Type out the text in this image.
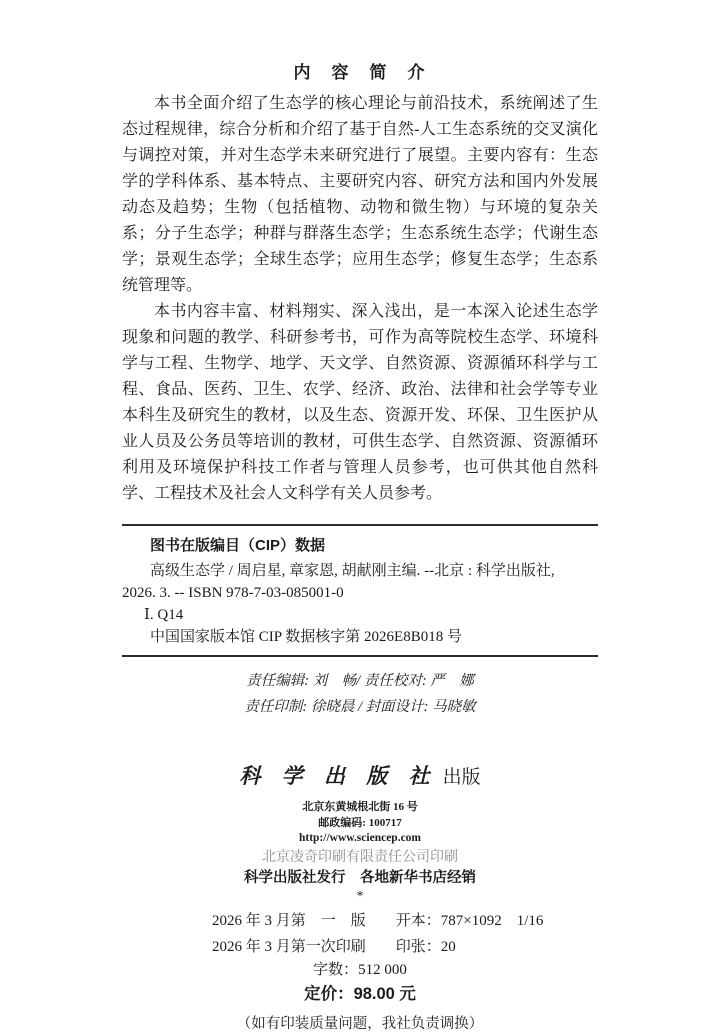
内　容　简　介

本书全面介绍了生态学的核心理论与前沿技术，系统阐述了生态过程规律，综合分析和介绍了基于自然-人工生态系统的交叉演化与调控对策，并对生态学未来研究进行了展望。主要内容有：生态学的学科体系、基本特点、主要研究内容、研究方法和国内外发展动态及趋势；生物（包括植物、动物和微生物）与环境的复杂关系；分子生态学；种群与群落生态学；生态系统生态学；代谢生态学；景观生态学；全球生态学；应用生态学；修复生态学；生态系统管理等。

本书内容丰富、材料翔实、深入浅出，是一本深入论述生态学现象和问题的教学、科研参考书，可作为高等院校生态学、环境科学与工程、生物学、地学、天文学、自然资源、资源循环科学与工程、食品、医药、卫生、农学、经济、政治、法律和社会学等专业本科生及研究生的教材，以及生态、资源开发、环保、卫生医护从业人员及公务员等培训的教材，可供生态学、自然资源、资源循环利用及环境保护科技工作者与管理人员参考，也可供其他自然科学、工程技术及社会人文科学有关人员参考。

图书在版编目（CIP）数据
高级生态学 / 周启星, 章家恩, 胡献刚主编. --北京 : 科学出版社,
2026. 3. -- ISBN 978-7-03-085001-0
Ⅰ. Q14
中国国家版本馆 CIP 数据核字第 2026E8B018 号
责任编辑: 刘　畅/ 责任校对: 严　娜
责任印制: 徐晓晨 / 封面设计: 马晓敏
科 学 出 版 社 出版
北京东黄城根北街 16 号
邮政编码: 100717
http://www.sciencep.com
北京凌奇印刷有限责任公司印刷
科学出版社发行　各地新华书店经销
*
2026 年 3 月第　一　版　　开本：787×1092　1/16
2026 年 3 月第一次印刷　　印张：20
字数：512 000
定价：98.00 元
（如有印装质量问题，我社负责调换）
